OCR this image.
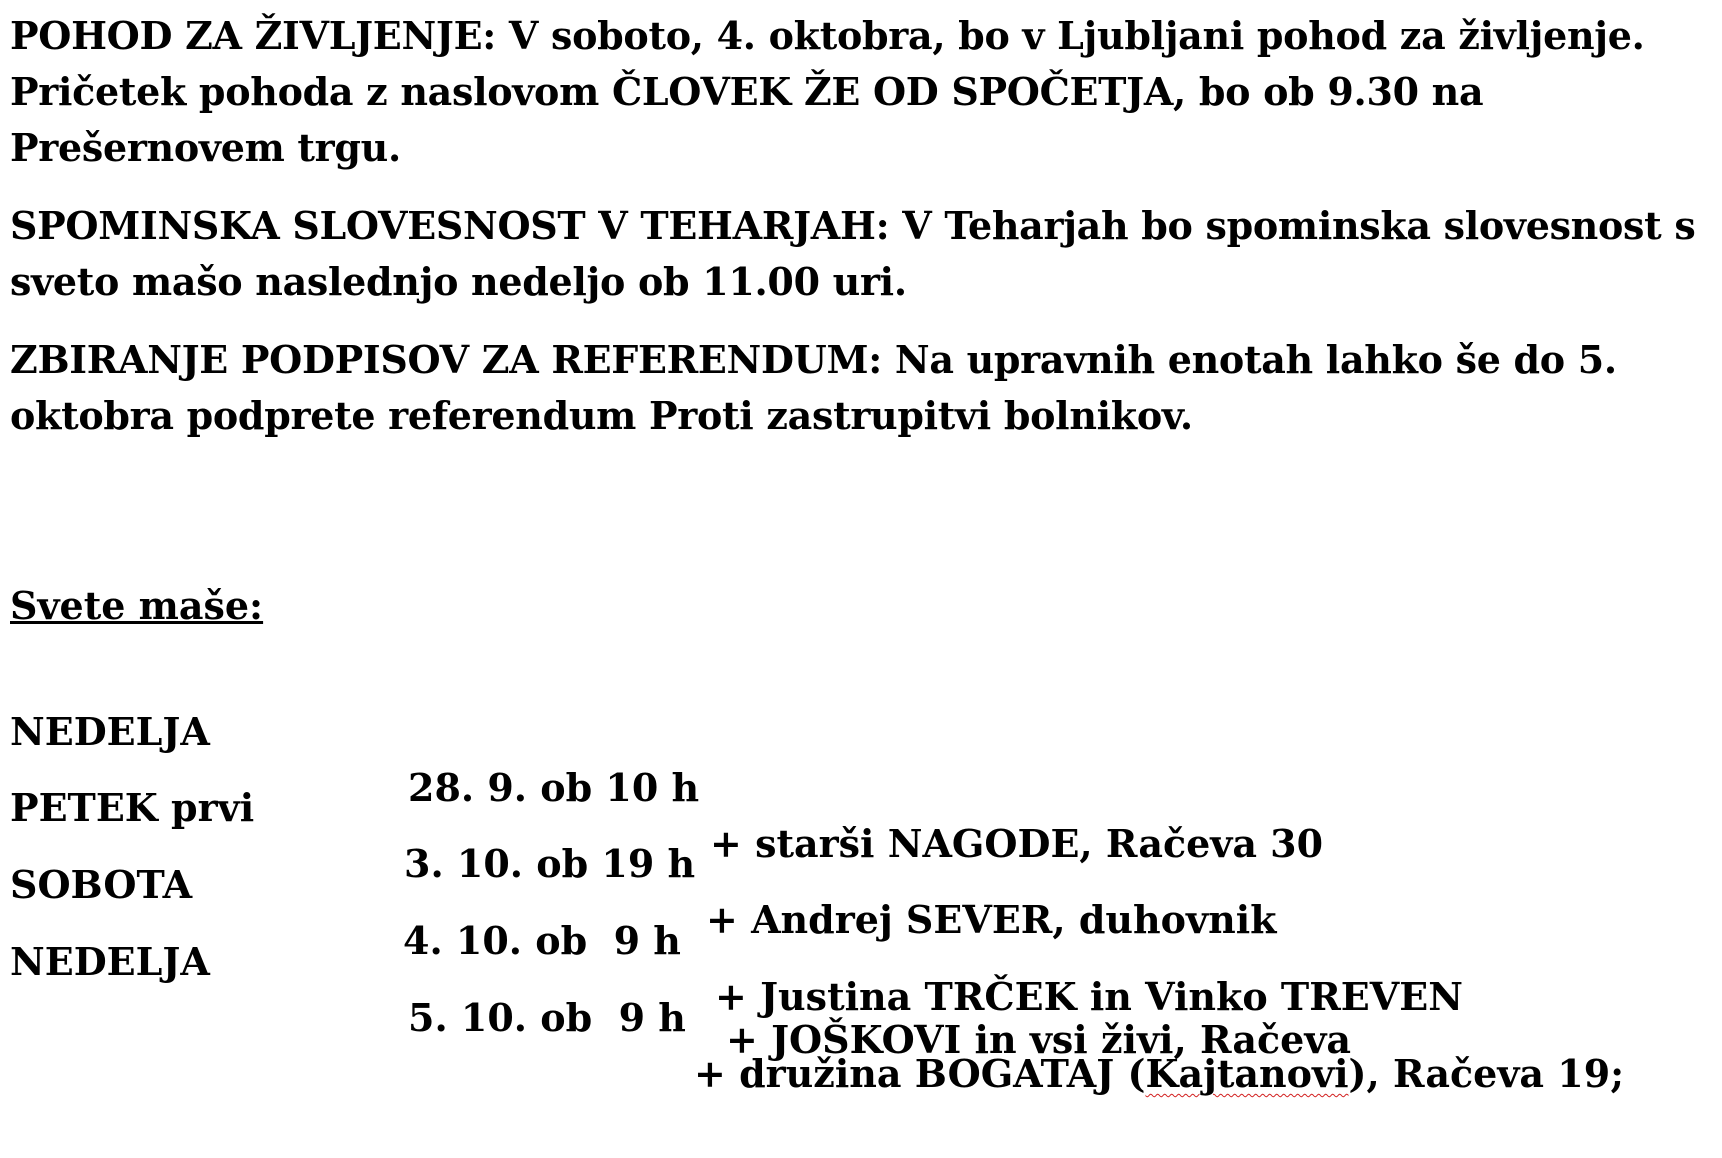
POHOD ZA ŽIVLJENJE: V soboto, 4. oktobra, bo v Ljubljani pohod za življenje. Pričetek pohoda z naslovom ČLOVEK ŽE OD SPOČETJA, bo ob 9.30 na Prešernovem trgu.

SPOMINSKA SLOVESNOST V TEHARJAH: V Teharjah bo spominska slovesnost s sveto mašo naslednjo nedeljo ob 11.00 uri.

ZBIRANJE PODPISOV ZA REFERENDUM: Na upravnih enotah lahko še do 5. oktobra podprete referendum Proti zastrupitvi bolnikov.

Svete maše:

NEDELJA

28. 9. ob 10 h

+ starši NAGODE, Račeva 30

PETEK prvi

3. 10. ob 19 h

+ Andrej SEVER, duhovnik

SOBOTA

4. 10. ob  9 h

+ Justina TRČEK in Vinko TREVEN

NEDELJA

5. 10. ob  9 h

+ družina BOGATAJ (Kajtanovi), Račeva 19;

+ JOŠKOVI in vsi živi, Račeva
